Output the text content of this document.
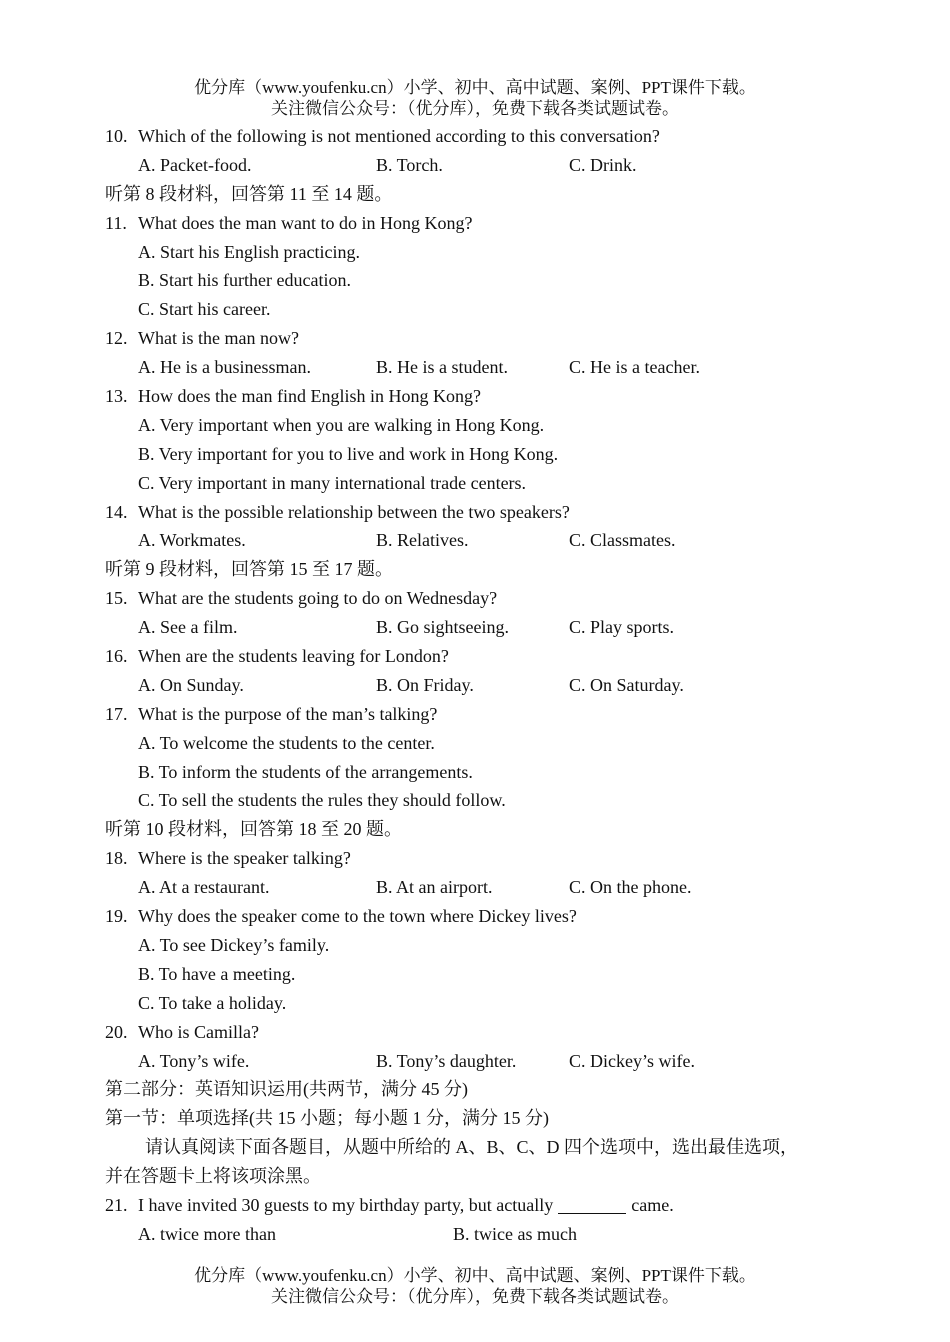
优分库（www.youfenku.cn）小学、初中、高中试题、案例、PPT课件下载。
关注微信公众号：（优分库），免费下载各类试题试卷。
10. Which of the following is not mentioned according to this conversation?
A. Packet-food.	B. Torch.	C. Drink.
听第 8 段材料，回答第 11 至 14 题。
11. What does the man want to do in Hong Kong?
A. Start his English practicing.
B. Start his further education.
C. Start his career.
12. What is the man now?
A. He is a businessman.	B. He is a student.	C. He is a teacher.
13. How does the man find English in Hong Kong?
A. Very important when you are walking in Hong Kong.
B. Very important for you to live and work in Hong Kong.
C. Very important in many international trade centers.
14. What is the possible relationship between the two speakers?
A. Workmates.	B. Relatives.	C. Classmates.
听第 9 段材料，回答第 15 至 17 题。
15. What are the students going to do on Wednesday?
A. See a film.	B. Go sightseeing.	C. Play sports.
16. When are the students leaving for London?
A. On Sunday.	B. On Friday.	C. On Saturday.
17. What is the purpose of the man’s talking?
A. To welcome the students to the center.
B. To inform the students of the arrangements.
C. To sell the students the rules they should follow.
听第 10 段材料，回答第 18 至 20 题。
18. Where is the speaker talking?
A. At a restaurant.	B. At an airport.	C. On the phone.
19. Why does the speaker come to the town where Dickey lives?
A. To see Dickey’s family.
B. To have a meeting.
C. To take a holiday.
20. Who is Camilla?
A. Tony’s wife.	B. Tony’s daughter.	C. Dickey’s wife.
第二部分：英语知识运用(共两节，满分 45 分)
第一节：单项选择(共 15 小题；每小题 1 分，满分 15 分)
请认真阅读下面各题目，从题中所给的 A、B、C、D 四个选项中，选出最佳选项，
并在答题卡上将该项涂黑。
21. I have invited 30 guests to my birthday party, but actually	came.
A. twice more than	B. twice as much
优分库（www.youfenku.cn）小学、初中、高中试题、案例、PPT课件下载。
关注微信公众号：（优分库），免费下载各类试题试卷。
